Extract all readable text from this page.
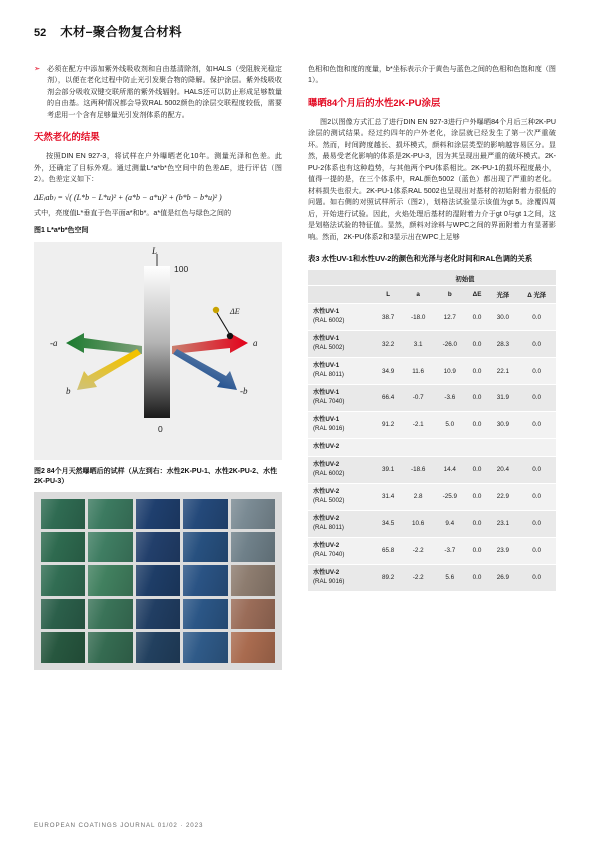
52 木材–聚合物复合材料
➣ 必须在配方中添加紫外线吸收剂和自由基清除剂，如HALS（受阻胺光稳定剂），以便在老化过程中防止光引发聚合物的降解。保护涂层。紫外线吸收剂会部分吸收双键交联所需的紫外线辐射。HALS还可以防止形成足够数量的自由基。这两种情况都会导致RAL 5002颜色的涂层交联程度较低，需要考虑用一个含有足够量光引发剂体系的配方。

天然老化的结果

按照DIN EN 927-3，将试样在户外曝晒老化10年。测量光泽和色差。此外，还确定了目标外观。通过测量L*a*b*色空间中的色差ΔE，进行评估（图2）。色差定义如下：

ΔE₍ab₎ = √( (L*b − L*u)² + (a*b − a*u)² + (b*b − b*u)² )

式中，亮度值L*垂直于色平面a*和b*。a*值是红色与绿色之间的

图1 L*a*b*色空间
L
100
0
a
-a
-b
b
ΔE
图2 84个月天然曝晒后的试样（从左到右：水性2K-PU-1、水性2K-PU-2、水性2K-PU-3）

色相和色饱和度的度量，b*坐标表示介于黄色与蓝色之间的色相和色饱和度（图1）。

曝晒84个月后的水性2K-PU涂层

图2以图像方式汇总了进行DIN EN 927-3进行户外曝晒84个月后三种2K-PU涂层的测试结果。经过约四年的户外老化，涂层就已经发生了第一次严重破坏。然而，时间跨度越长、损坏模式，颜料和涂层类型的影响越容易区分。显然，最易受老化影响的体系是2K-PU-3，因为其呈现出最严重的破坏模式。2K-PU-2体系也有这种趋势，与其他两个PU体系相比。2K-PU-1的损坏程度最小，值得一提的是，在三个体系中，RAL颜色5002（蓝色）都出现了严重的老化。材料损失也很大。2K-PU-1体系RAL 5002也呈现出对基材的初始附着力很低的问题。如右侧的对照试样所示（图2），划格法试验显示该值为gt 5。涂覆四周后，开始进行试验。因此，火焰处理后基材的湿附着力介于gt 0与gt 1之间，这是划格法试验的特征值。显然，颜料对涂料与WPC之间的界面附着力有显著影响。然而，2K-PU体系2和3显示出在WPC上足够

表3 水性UV-1和水性UV-2的颜色和光泽与老化时间和RAL色调的关系
	初始值					
	L	a	b	ΔE	光泽	Δ 光泽
水性UV-1
(RAL 6002)	38.7	-18.0	12.7	0.0	30.0	0.0
水性UV-1
(RAL 5002)	32.2	3.1	-26.0	0.0	28.3	0.0
水性UV-1
(RAL 8011)	34.9	11.6	10.9	0.0	22.1	0.0
水性UV-1
(RAL 7040)	66.4	-0.7	-3.6	0.0	31.9	0.0
水性UV-1
(RAL 9016)	91.2	-2.1	5.0	0.0	30.9	0.0
水性UV-2						
水性UV-2
(RAL 6002)	39.1	-18.6	14.4	0.0	20.4	0.0
水性UV-2
(RAL 5002)	31.4	2.8	-25.9	0.0	22.9	0.0
水性UV-2
(RAL 8011)	34.5	10.6	9.4	0.0	23.1	0.0
水性UV-2
(RAL 7040)	65.8	-2.2	-3.7	0.0	23.9	0.0
水性UV-2
(RAL 9016)	89.2	-2.2	5.6	0.0	26.9	0.0
EUROPEAN COATINGS JOURNAL 01/02 · 2023
